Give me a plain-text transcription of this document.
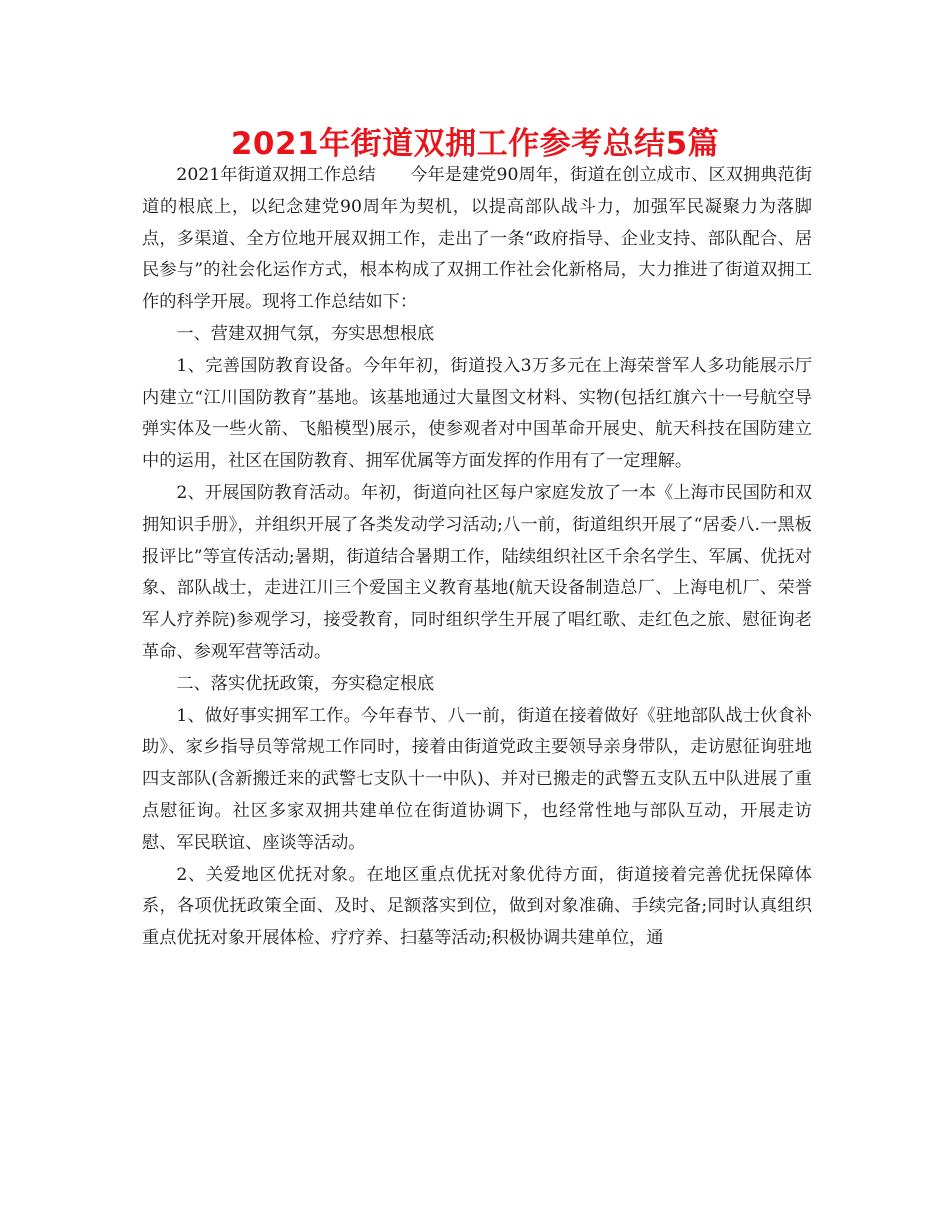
2021年街道双拥工作参考总结5篇

2021年街道双拥工作总结　　今年是建党90周年，街道在创立成市、区双拥典范街道的根底上，以纪念建党90周年为契机，以提高部队战斗力，加强军民凝聚力为落脚点，多渠道、全方位地开展双拥工作，走出了一条“政府指导、企业支持、部队配合、居民参与”的社会化运作方式，根本构成了双拥工作社会化新格局，大力推进了街道双拥工作的科学开展。现将工作总结如下：

一、营建双拥气氛，夯实思想根底

1、完善国防教育设备。今年年初，街道投入3万多元在上海荣誉军人多功能展示厅内建立“江川国防教育”基地。该基地通过大量图文材料、实物(包括红旗六十一号航空导弹实体及一些火箭、飞船模型)展示，使参观者对中国革命开展史、航天科技在国防建立中的运用，社区在国防教育、拥军优属等方面发挥的作用有了一定理解。

2、开展国防教育活动。年初，街道向社区每户家庭发放了一本《上海市民国防和双拥知识手册》，并组织开展了各类发动学习活动;八一前，街道组织开展了“居委八.一黑板报评比”等宣传活动;暑期，街道结合暑期工作，陆续组织社区千余名学生、军属、优抚对象、部队战士，走进江川三个爱国主义教育基地(航天设备制造总厂、上海电机厂、荣誉军人疗养院)参观学习，接受教育，同时组织学生开展了唱红歌、走红色之旅、慰征询老革命、参观军营等活动。

二、落实优抚政策，夯实稳定根底

1、做好事实拥军工作。今年春节、八一前，街道在接着做好《驻地部队战士伙食补助》、家乡指导员等常规工作同时，接着由街道党政主要领导亲身带队，走访慰征询驻地四支部队(含新搬迁来的武警七支队十一中队)、并对已搬走的武警五支队五中队进展了重点慰征询。社区多家双拥共建单位在街道协调下，也经常性地与部队互动，开展走访慰、军民联谊、座谈等活动。

2、关爱地区优抚对象。在地区重点优抚对象优待方面，街道接着完善优抚保障体系，各项优抚政策全面、及时、足额落实到位，做到对象准确、手续完备;同时认真组织重点优抚对象开展体检、疗疗养、扫墓等活动;积极协调共建单位，通
